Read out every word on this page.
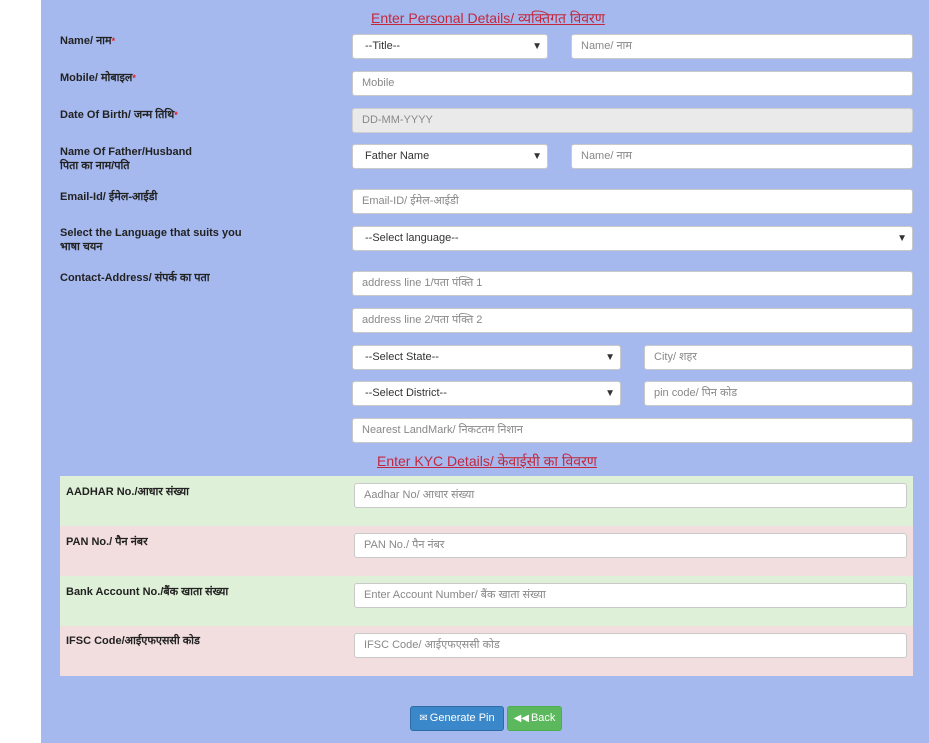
Enter Personal Details/ व्यक्तिगत विवरण
Name/ नाम*	--Title--	▼	Name/ नाम
Mobile/ मोबाइल*	Mobile
Date Of Birth/ जन्म तिथि*	DD-MM-YYYY
Name Of Father/Husband
पिता का नाम/पति
Father Name	▼	Name/ नाम
Email-Id/ ईमेल-आईडी	Email-ID/ ईमेल-आईडी
Select the Language that suits you
भाषा चयन
--Select language--	▼
Contact-Address/ संपर्क का पता	address line 1/पता पंक्ति 1
address line 2/पता पंक्ति 2
--Select State--	▼	City/ शहर
--Select District--	▼	pin code/ पिन कोड
Nearest LandMark/ निकटतम निशान
Enter KYC Details/ केवाईसी का विवरण
AADHAR No./आधार संख्या	Aadhar No/ आधार संख्या
PAN No./ पैन नंबर	PAN No./ पैन नंबर
Bank Account No./बैंक खाता संख्या	Enter Account Number/ बैंक खाता संख्या
IFSC Code/आईएफएससी कोड	IFSC Code/ आईएफएससी कोड
✉ Generate Pin	◀◀ Back
